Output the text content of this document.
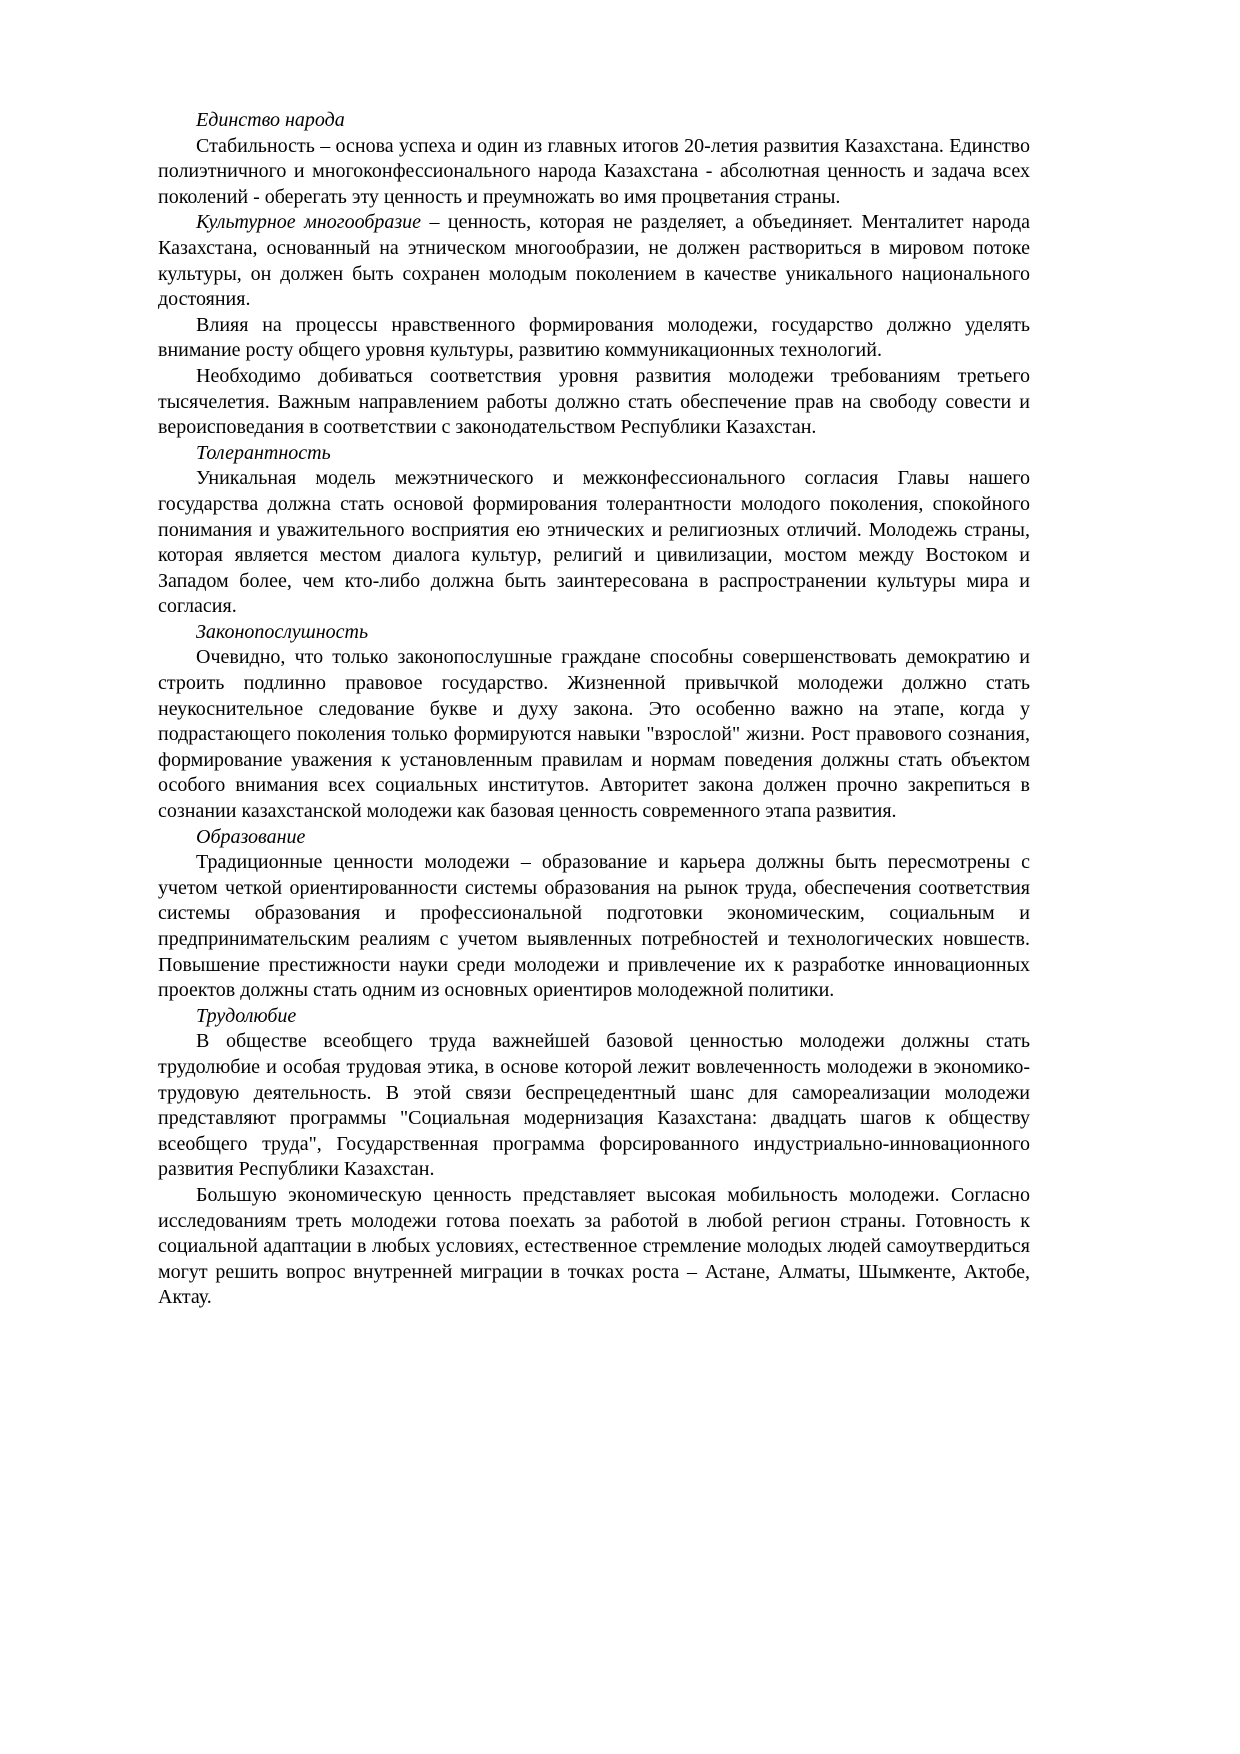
Единство народа

Стабильность – основа успеха и один из главных итогов 20-летия развития Казахстана. Единство полиэтничного и многоконфессионального народа Казахстана - абсолютная ценность и задача всех поколений - оберегать эту ценность и преумножать во имя процветания страны.

Культурное многообразие – ценность, которая не разделяет, а объединяет. Менталитет народа Казахстана, основанный на этническом многообразии, не должен раствориться в мировом потоке культуры, он должен быть сохранен молодым поколением в качестве уникального национального достояния.

Влияя на процессы нравственного формирования молодежи, государство должно уделять внимание росту общего уровня культуры, развитию коммуникационных технологий.

Необходимо добиваться соответствия уровня развития молодежи требованиям третьего тысячелетия. Важным направлением работы должно стать обеспечение прав на свободу совести и вероисповедания в соответствии с законодательством Республики Казахстан.

Толерантность

Уникальная модель межэтнического и межконфессионального согласия Главы нашего государства должна стать основой формирования толерантности молодого поколения, спокойного понимания и уважительного восприятия ею этнических и религиозных отличий. Молодежь страны, которая является местом диалога культур, религий и цивилизации, мостом между Востоком и Западом более, чем кто-либо должна быть заинтересована в распространении культуры мира и согласия.

Законопослушность

Очевидно, что только законопослушные граждане способны совершенствовать демократию и строить подлинно правовое государство. Жизненной привычкой молодежи должно стать неукоснительное следование букве и духу закона. Это особенно важно на этапе, когда у подрастающего поколения только формируются навыки "взрослой" жизни. Рост правового сознания, формирование уважения к установленным правилам и нормам поведения должны стать объектом особого внимания всех социальных институтов. Авторитет закона должен прочно закрепиться в сознании казахстанской молодежи как базовая ценность современного этапа развития.

Образование

Традиционные ценности молодежи – образование и карьера должны быть пересмотрены с учетом четкой ориентированности системы образования на рынок труда, обеспечения соответствия системы образования и профессиональной подготовки экономическим, социальным и предпринимательским реалиям с учетом выявленных потребностей и технологических новшеств. Повышение престижности науки среди молодежи и привлечение их к разработке инновационных проектов должны стать одним из основных ориентиров молодежной политики.

Трудолюбие

В обществе всеобщего труда важнейшей базовой ценностью молодежи должны стать трудолюбие и особая трудовая этика, в основе которой лежит вовлеченность молодежи в экономико-трудовую деятельность. В этой связи беспрецедентный шанс для самореализации молодежи представляют программы "Социальная модернизация Казахстана: двадцать шагов к обществу всеобщего труда", Государственная программа форсированного индустриально-инновационного развития Республики Казахстан.

Большую экономическую ценность представляет высокая мобильность молодежи. Согласно исследованиям треть молодежи готова поехать за работой в любой регион страны. Готовность к социальной адаптации в любых условиях, естественное стремление молодых людей самоутвердиться могут решить вопрос внутренней миграции в точках роста – Астане, Алматы, Шымкенте, Актобе, Актау.
